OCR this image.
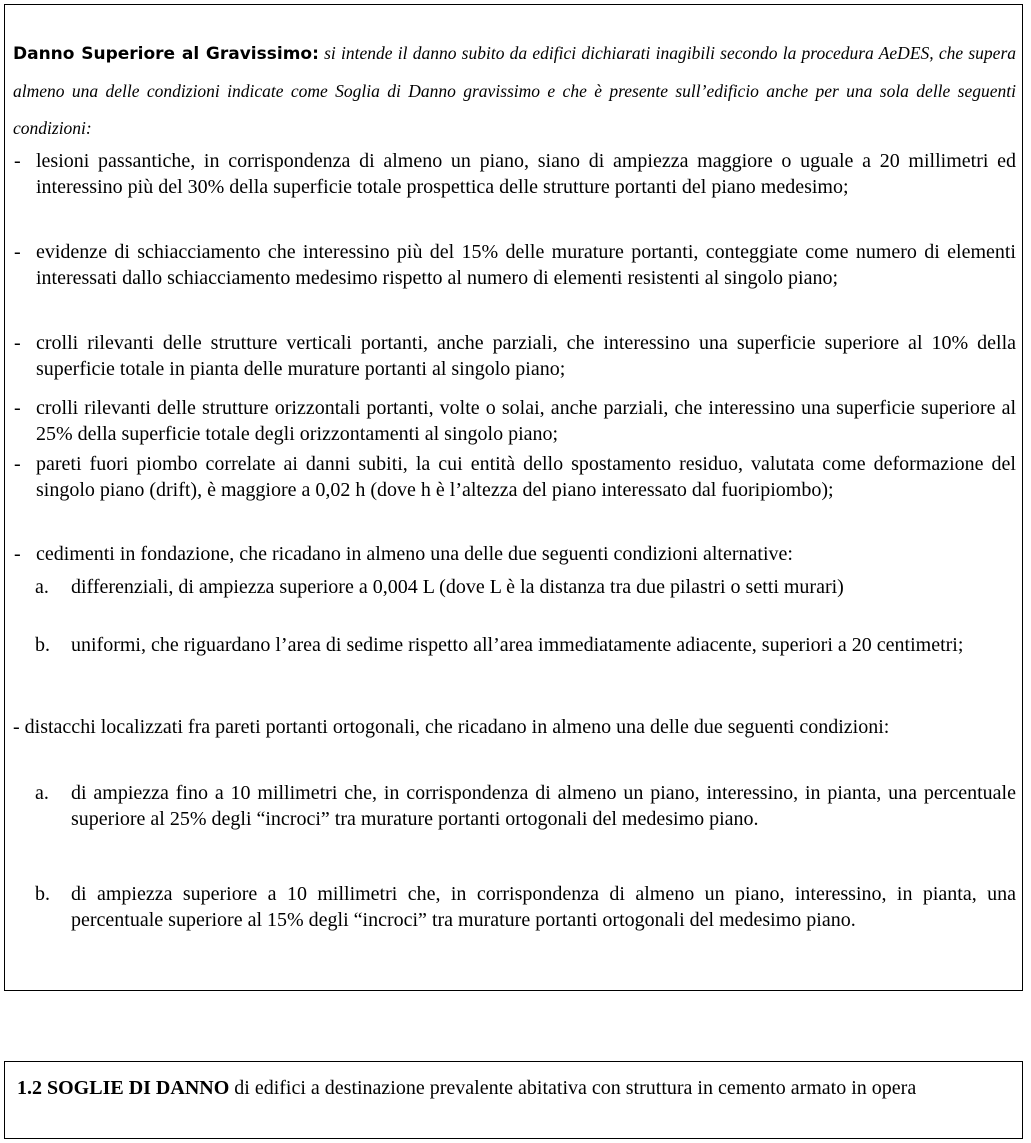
Danno Superiore al Gravissimo: si intende il danno subito da edifici dichiarati inagibili secondo la procedura AeDES, che supera almeno una delle condizioni indicate come Soglia di Danno gravissimo e che è presente sull’edificio anche per una sola delle seguenti condizioni:
- lesioni passantiche, in corrispondenza di almeno un piano, siano di ampiezza maggiore o uguale a 20 millimetri ed interessino più del 30% della superficie totale prospettica delle strutture portanti del piano medesimo;
- evidenze di schiacciamento che interessino più del 15% delle murature portanti, conteggiate come numero di elementi interessati dallo schiacciamento medesimo rispetto al numero di elementi resistenti al singolo piano;
- crolli rilevanti delle strutture verticali portanti, anche parziali, che interessino una superficie superiore al 10% della superficie totale in pianta delle murature portanti al singolo piano;
- crolli rilevanti delle strutture orizzontali portanti, volte o solai, anche parziali, che interessino una superficie superiore al 25% della superficie totale degli orizzontamenti al singolo piano;
- pareti fuori piombo correlate ai danni subiti, la cui entità dello spostamento residuo, valutata come deformazione del singolo piano (drift), è maggiore a 0,02 h (dove h è l’altezza del piano interessato dal fuoripiombo);
- cedimenti in fondazione, che ricadano in almeno una delle due seguenti condizioni alternative:
a. differenziali, di ampiezza superiore a 0,004 L (dove L è la distanza tra due pilastri o setti murari)
b. uniformi, che riguardano l’area di sedime rispetto all’area immediatamente adiacente, superiori a 20 centimetri;
- distacchi localizzati fra pareti portanti ortogonali, che ricadano in almeno una delle due seguenti condizioni:
a. di ampiezza fino a 10 millimetri che, in corrispondenza di almeno un piano, interessino, in pianta, una percentuale superiore al 25% degli “incroci” tra murature portanti ortogonali del medesimo piano.
b. di ampiezza superiore a 10 millimetri che, in corrispondenza di almeno un piano, interessino, in pianta, una percentuale superiore al 15% degli “incroci” tra murature portanti ortogonali del medesimo piano.
1.2 SOGLIE DI DANNO di edifici a destinazione prevalente abitativa con struttura in cemento armato in opera
